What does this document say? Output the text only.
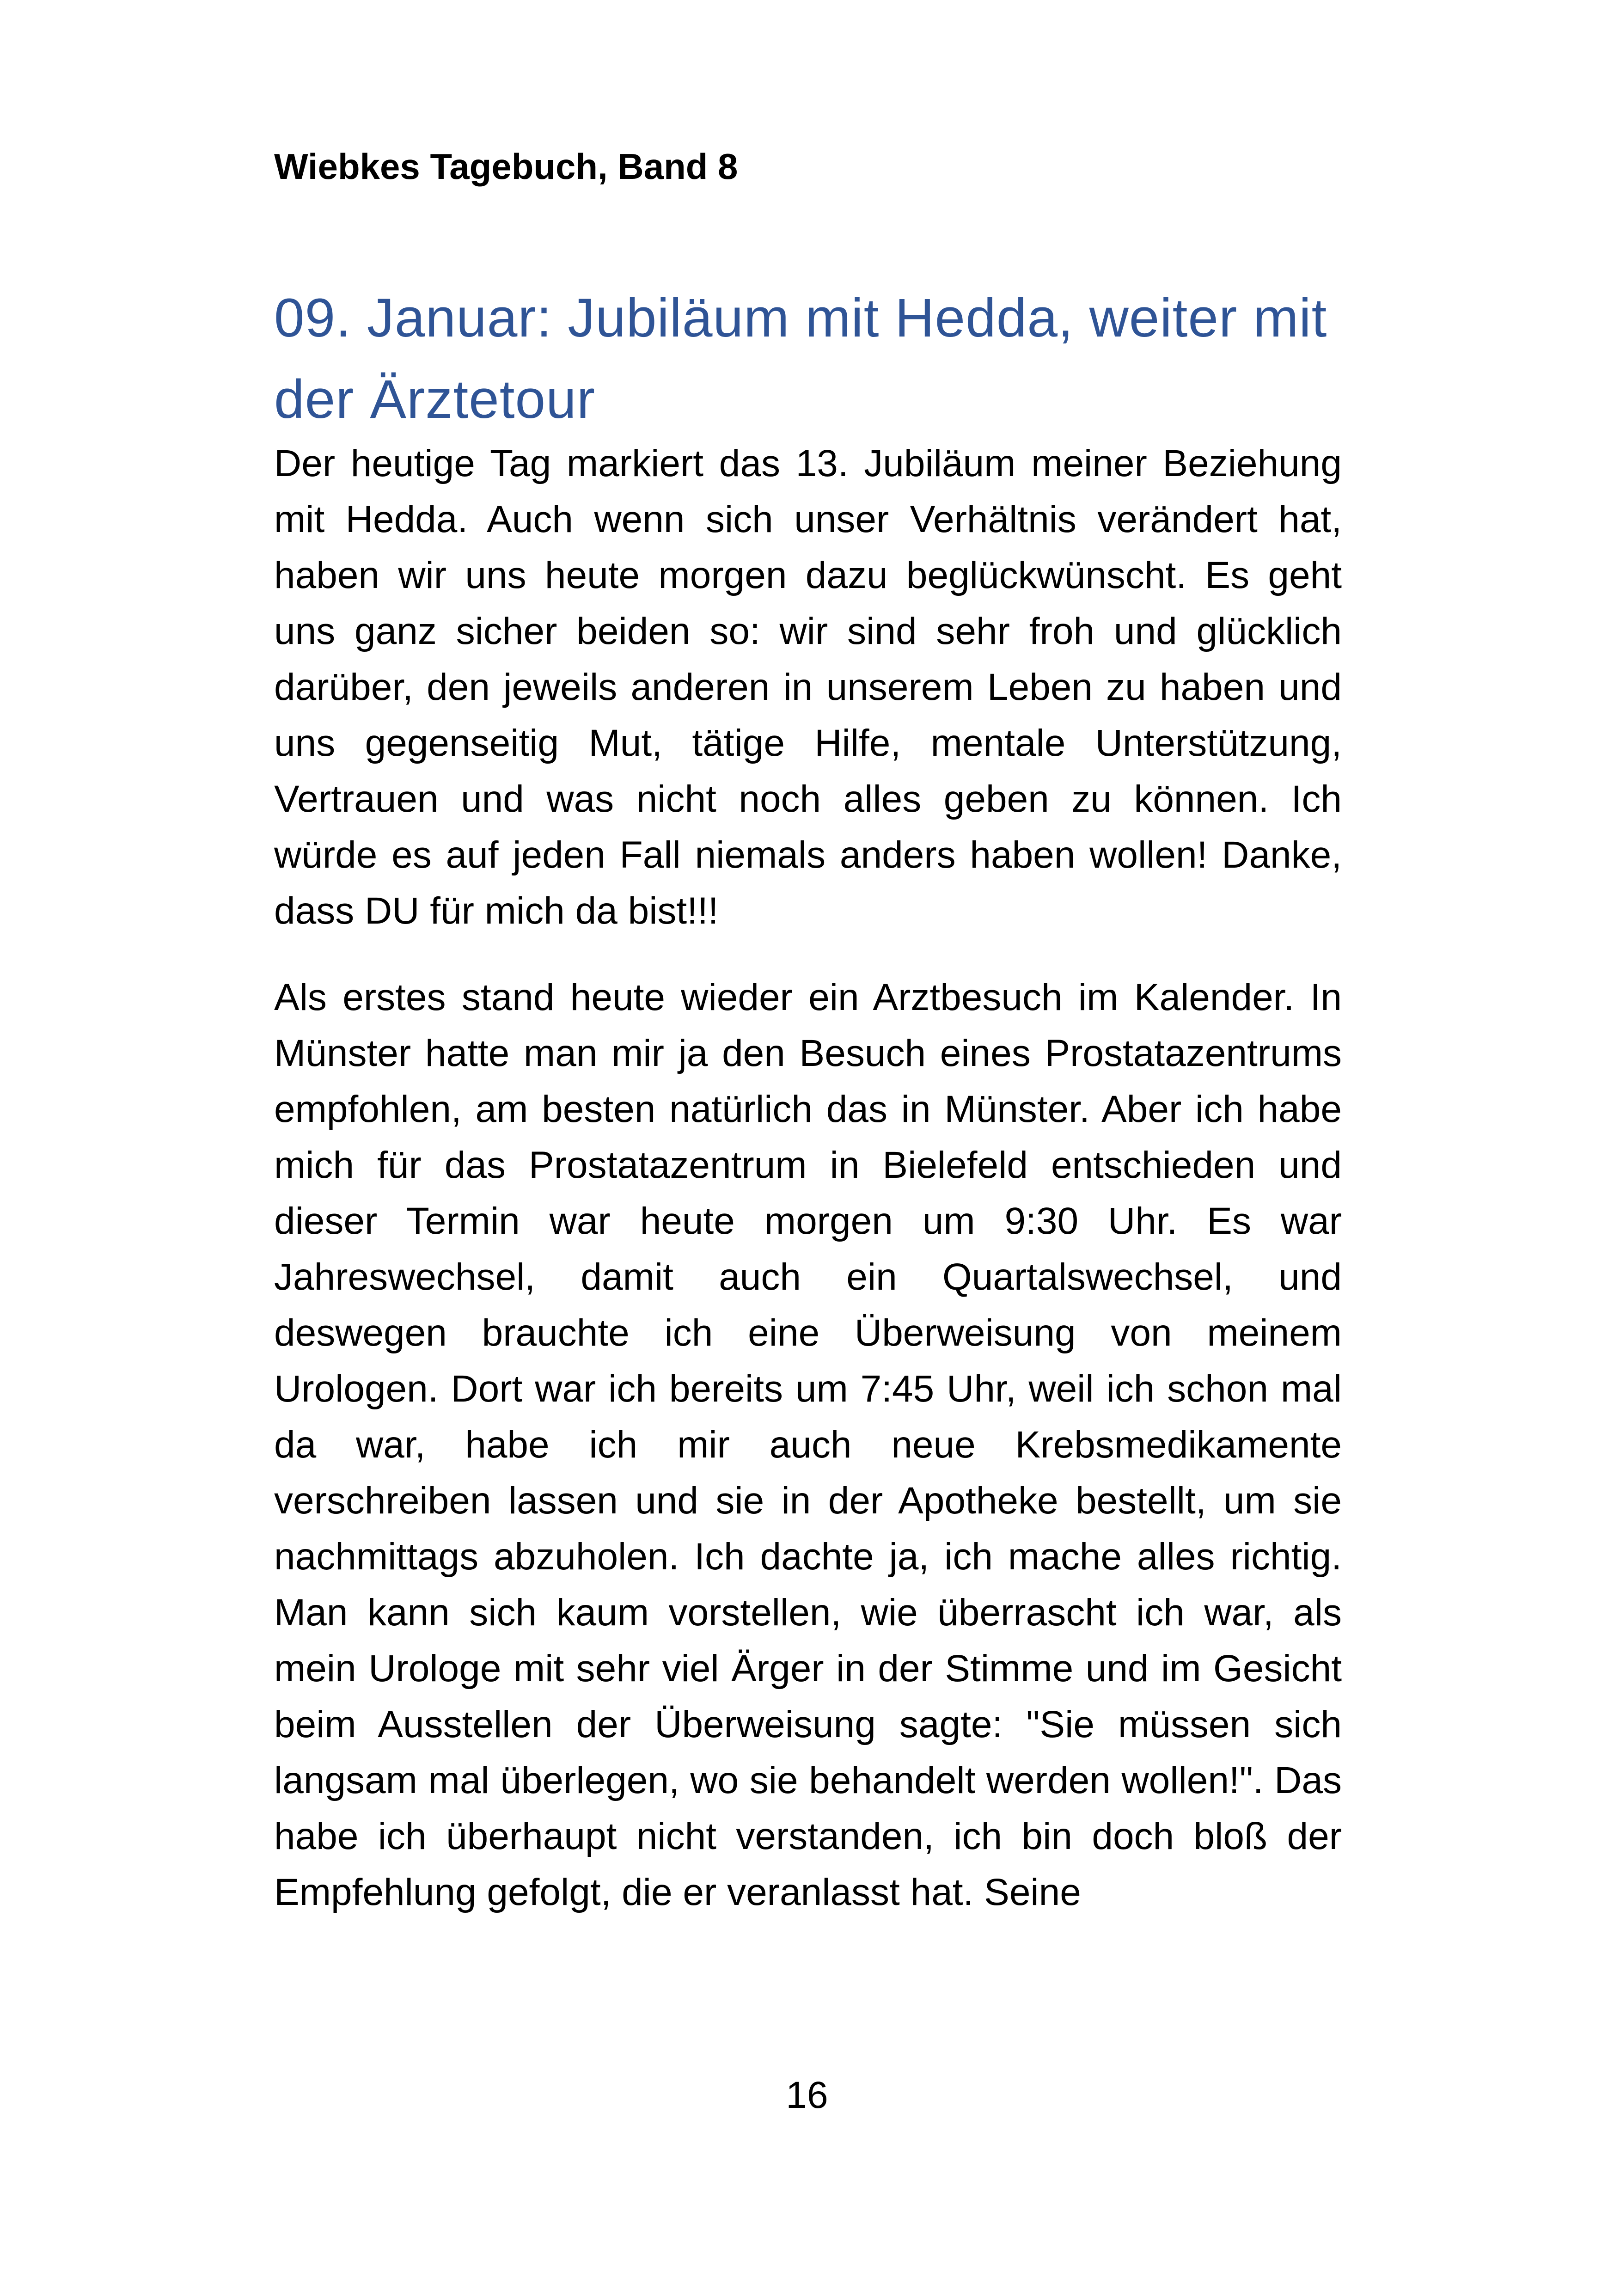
Wiebkes Tagebuch, Band 8

09. Januar: Jubiläum mit Hedda, weiter mit der Ärztetour

Der heutige Tag markiert das 13. Jubiläum meiner Beziehung mit Hedda. Auch wenn sich unser Verhältnis verändert hat, haben wir uns heute morgen dazu beglückwünscht. Es geht uns ganz sicher beiden so: wir sind sehr froh und glücklich darüber, den jeweils anderen in unserem Leben zu haben und uns gegenseitig Mut, tätige Hilfe, mentale Unterstützung, Vertrauen und was nicht noch alles geben zu können. Ich würde es auf jeden Fall niemals anders haben wollen! Danke, dass DU für mich da bist!!!

Als erstes stand heute wieder ein Arztbesuch im Kalender. In Münster hatte man mir ja den Besuch eines Prostatazentrums empfohlen, am besten natürlich das in Münster. Aber ich habe mich für das Prostatazentrum in Bielefeld entschieden und dieser Termin war heute morgen um 9:30 Uhr. Es war Jahreswechsel, damit auch ein Quartalswechsel, und deswegen brauchte ich eine Überweisung von meinem Urologen. Dort war ich bereits um 7:45 Uhr, weil ich schon mal da war, habe ich mir auch neue Krebsmedikamente verschreiben lassen und sie in der Apotheke bestellt, um sie nachmittags abzuholen. Ich dachte ja, ich mache alles richtig. Man kann sich kaum vorstellen, wie überrascht ich war, als mein Urologe mit sehr viel Ärger in der Stimme und im Gesicht beim Ausstellen der Überweisung sagte: "Sie müssen sich langsam mal überlegen, wo sie behandelt werden wollen!". Das habe ich überhaupt nicht verstanden, ich bin doch bloß der Empfehlung gefolgt, die er veranlasst hat. Seine

16
